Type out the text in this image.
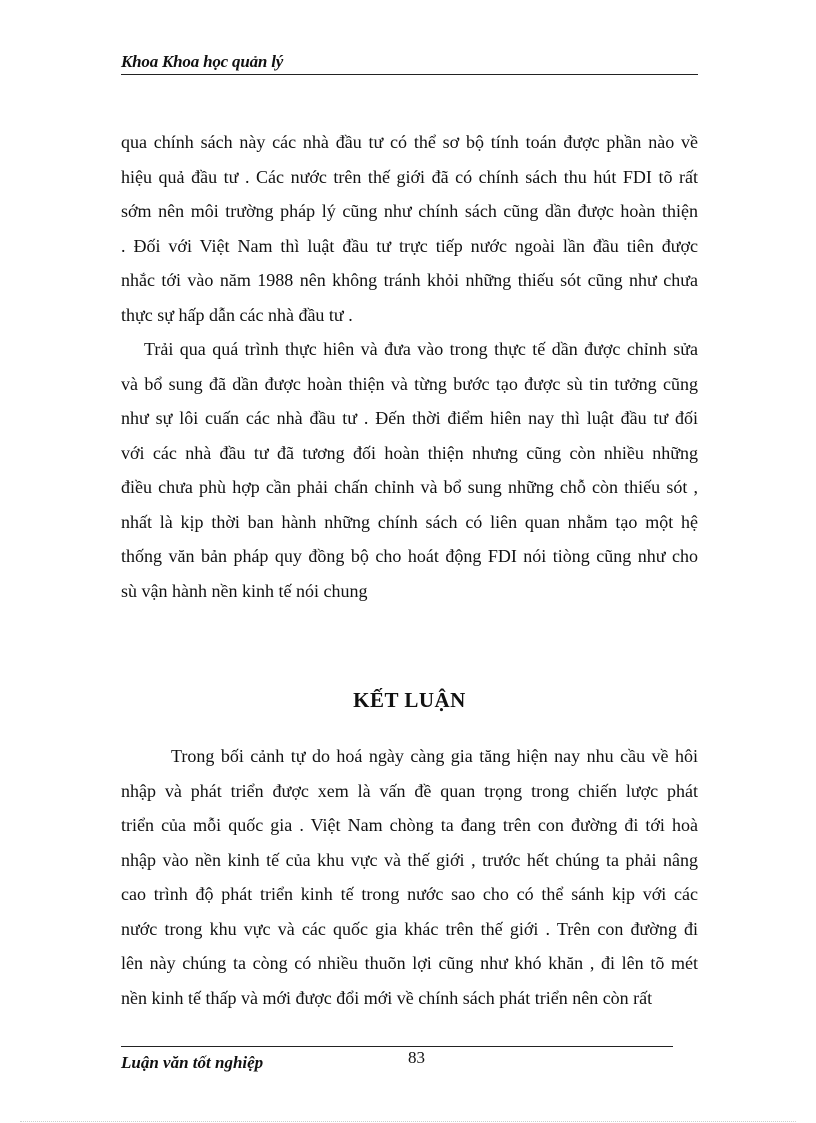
Khoa Khoa học quản lý
qua chính sách này các nhà đầu tư có thể sơ bộ tính toán được phần nào về
hiệu quả đầu tư . Các nước trên thế giới đã có chính sách thu hút FDI tõ rất
sớm nên môi trường pháp lý cũng như chính sách cũng dần được hoàn thiện
. Đối với Việt Nam thì luật đầu tư trực tiếp nước ngoài lần đầu tiên được
nhắc tới vào năm 1988 nên không tránh khỏi những thiếu sót cũng như chưa
thực sự hấp dẫn các nhà đầu tư .
Trải qua quá trình thực hiên và đưa vào trong thực tế dần được chỉnh sửa
và bổ sung đã dần được hoàn thiện và từng bước tạo được sù tin tưởng cũng
như sự lôi cuấn các nhà đầu tư . Đến thời điểm hiên nay thì luật đầu tư đối
với các nhà đầu tư đã tương đối hoàn thiện nhưng cũng còn nhiều những
điều chưa phù hợp cần phải chấn chỉnh và bổ sung những chỗ còn thiếu sót ,
nhất là kịp thời ban hành những chính sách có liên quan nhằm tạo một hệ
thống văn bản pháp quy đồng bộ cho hoát động FDI nói tiòng cũng như cho
sù vận hành nền kinh tế nói chung
KẾT LUẬN
Trong bối cảnh tự do hoá ngày càng gia tăng hiện nay nhu cầu về hôi
nhập và phát triển được xem là vấn đề quan trọng trong chiến lược phát
triển của mỗi quốc gia . Việt Nam chòng ta đang trên con đường đi tới hoà
nhập vào nền kinh tế của khu vực và thế giới , trước hết chúng ta phải nâng
cao trình độ phát triển kinh tế trong nước sao cho có thể sánh kịp với các
nước trong khu vực và các quốc gia khác trên thế giới . Trên con đường đi
lên này chúng ta còng có nhiều thuõn lợi cũng như khó khăn , đi lên tõ mét
nền kinh tế thấp và mới được đổi mới về chính sách phát triển nên còn rất
Luận văn tốt nghiệp	83
